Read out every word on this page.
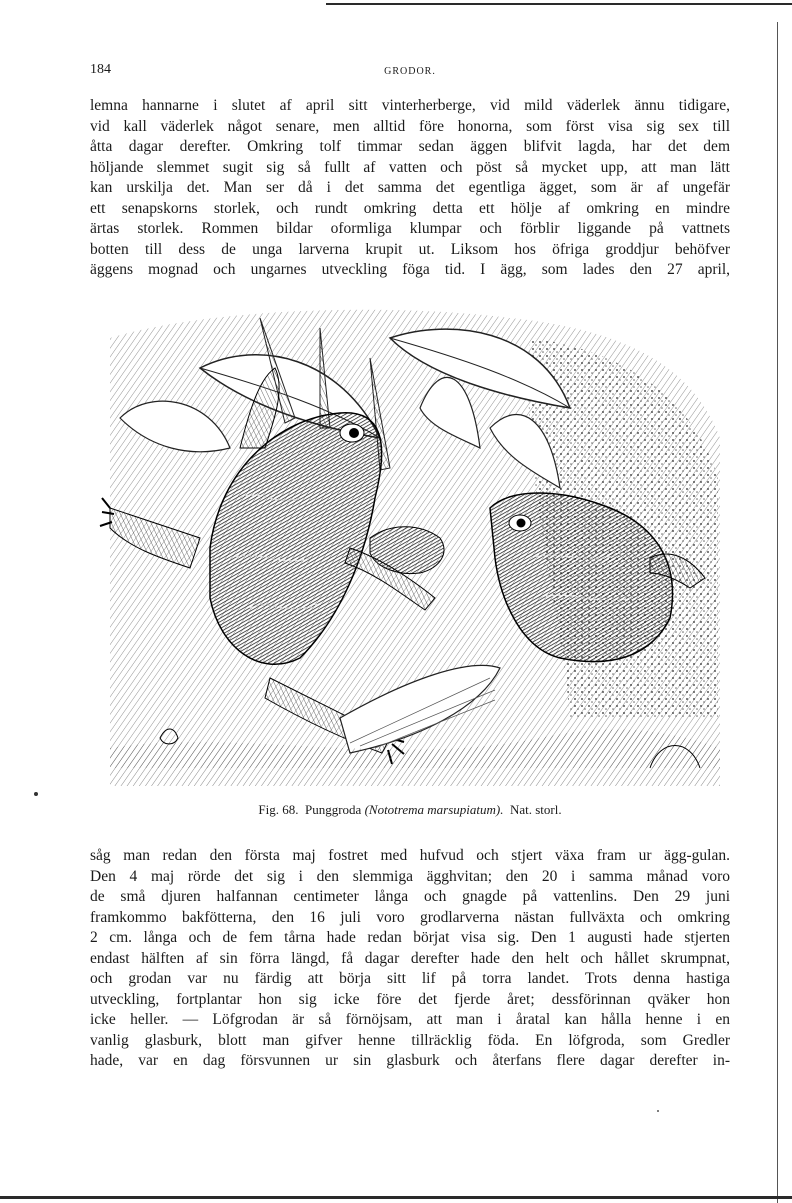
184	GRODOR.
lemna hannarne i slutet af april sitt vinterherberge, vid mild väderlek ännu tidigare,
vid kall väderlek något senare, men alltid före honorna, som först visa sig sex till
åtta dagar derefter. Omkring tolf timmar sedan äggen blifvit lagda, har det dem
höljande slemmet sugit sig så fullt af vatten och pöst så mycket upp, att man lätt
kan urskilja det. Man ser då i det samma det egentliga ägget, som är af ungefär
ett senapskorns storlek, och rundt omkring detta ett hölje af omkring en mindre
ärtas storlek. Rommen bildar oformliga klumpar och förblir liggande på vattnets
botten till dess de unga larverna krupit ut. Liksom hos öfriga groddjur behöfver
äggens mognad och ungarnes utveckling föga tid. I ägg, som lades den 27 april,
Fig. 68. Punggroda (Nototrema marsupiatum). Nat. storl.
såg man redan den första maj fostret med hufvud och stjert växa fram ur ägg-gulan.
Den 4 maj rörde det sig i den slemmiga ägghvitan; den 20 i samma månad voro
de små djuren halfannan centimeter långa och gnagde på vattenlins. Den 29 juni
framkommo bakfötterna, den 16 juli voro grodlarverna nästan fullväxta och omkring
2 cm. långa och de fem tårna hade redan börjat visa sig. Den 1 augusti hade stjerten
endast hälften af sin förra längd, få dagar derefter hade den helt och hållet skrumpnat,
och grodan var nu färdig att börja sitt lif på torra landet. Trots denna hastiga
utveckling, fortplantar hon sig icke före det fjerde året; dessförinnan qväker hon
icke heller. — Löfgrodan är så förnöjsam, att man i åratal kan hålla henne i en
vanlig glasburk, blott man gifver henne tillräcklig föda. En löfgroda, som Gredler
hade, var en dag försvunnen ur sin glasburk och återfans flere dagar derefter in-
